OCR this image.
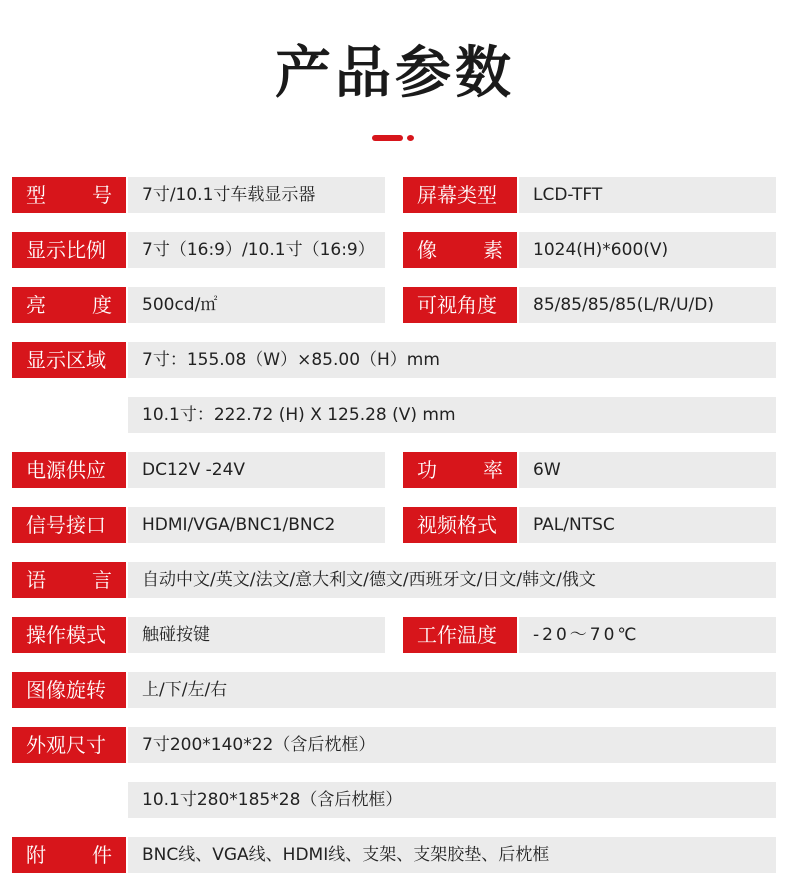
产品参数
型 号	7寸/10.1寸车载显示器	屏幕类型	LCD-TFT
显示比例	7寸（16:9）/10.1寸（16:9）	像 素	1024(H)*600(V)
亮 度	500cd/㎡	可视角度	85/85/85/85(L/R/U/D)
显示区域	7寸：155.08（W）×85.00（H）mm
10.1寸：222.72 (H) X 125.28 (V) mm
电源供应	DC12V -24V	功 率	6W
信号接口	HDMI/VGA/BNC1/BNC2	视频格式	PAL/NTSC
语 言	自动中文/英文/法文/意大利文/德文/西班牙文/日文/韩文/俄文
操作模式	触碰按键	工作温度	-20～70℃
图像旋转	上/下/左/右
外观尺寸	7寸200*140*22（含后枕框）
10.1寸280*185*28（含后枕框）
附 件	BNC线、VGA线、HDMI线、支架、支架胶垫、后枕框
